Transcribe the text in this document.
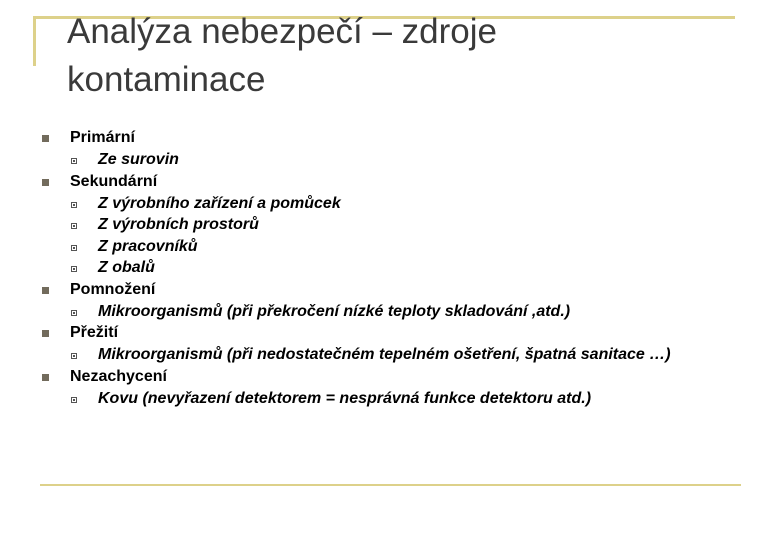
Analýza nebezpečí – zdroje
kontaminace
Primární
Ze surovin
Sekundární
Z výrobního zařízení a pomůcek
Z výrobních prostorů
Z pracovníků
Z obalů
Pomnožení
Mikroorganismů (při překročení nízké teploty skladování ,atd.)
Přežití
Mikroorganismů (při nedostatečném tepelném ošetření, špatná sanitace …)
Nezachycení
Kovu (nevyřazení detektorem = nesprávná funkce detektoru atd.)
